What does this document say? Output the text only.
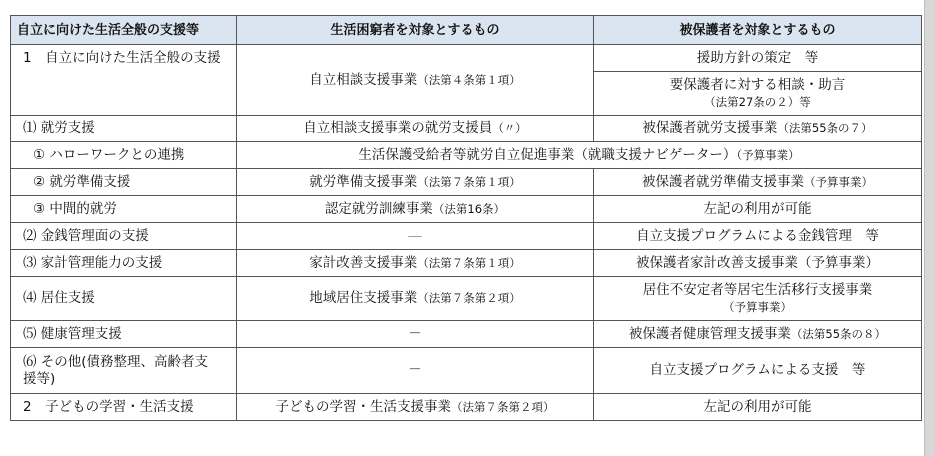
自立に向けた生活全般の支援等	生活困窮者を対象とするもの	被保護者を対象とするもの
1　自立に向けた生活全般の支援	自立相談支援事業（法第４条第１項）	援助方針の策定　等

		要保護者に対する相談・助言
（法第27条の２）等

⑴ 就労支援	自立相談支援事業の就労支援員（〃）	被保護者就労支援事業（法第55条の７）
① ハローワークとの連携	生活保護受給者等就労自立促進事業（就職支援ナビゲーター）（予算事業）	
② 就労準備支援	就労準備支援事業（法第７条第１項）	被保護者就労準備支援事業（予算事業）
③ 中間的就労	認定就労訓練事業（法第16条）	左記の利用が可能
⑵ 金銭管理面の支援	―	自立支援プログラムによる金銭管理　等
⑶ 家計管理能力の支援	家計改善支援事業（法第７条第１項）	被保護者家計改善支援事業（予算事業）
⑷ 居住支援	地域居住支援事業（法第７条第２項）	居住不安定者等居宅生活移行支援事業
（予算事業）

⑸ 健康管理支援	－	被保護者健康管理支援事業（法第55条の８）
⑹ その他(債務整理、高齢者支援等)	－	自立支援プログラムによる支援　等
2　子どもの学習・生活支援	子どもの学習・生活支援事業（法第７条第２項）	左記の利用が可能
